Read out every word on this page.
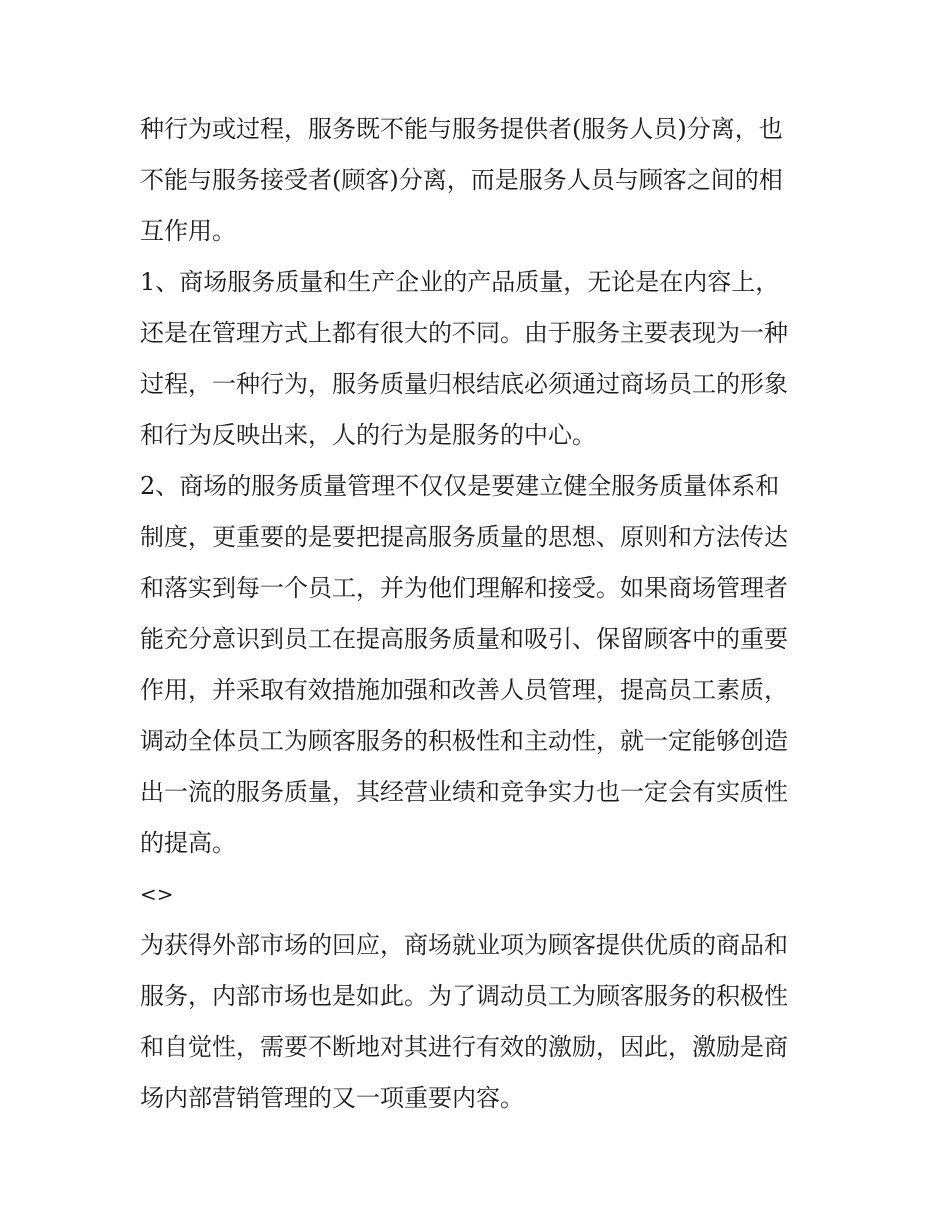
种行为或过程，服务既不能与服务提供者(服务人员)分离，也
不能与服务接受者(顾客)分离，而是服务人员与顾客之间的相
互作用。
1、商场服务质量和生产企业的产品质量，无论是在内容上，
还是在管理方式上都有很大的不同。由于服务主要表现为一种
过程，一种行为，服务质量归根结底必须通过商场员工的形象
和行为反映出来，人的行为是服务的中心。
2、商场的服务质量管理不仅仅是要建立健全服务质量体系和
制度，更重要的是要把提高服务质量的思想、原则和方法传达
和落实到每一个员工，并为他们理解和接受。如果商场管理者
能充分意识到员工在提高服务质量和吸引、保留顾客中的重要
作用，并采取有效措施加强和改善人员管理，提高员工素质，
调动全体员工为顾客服务的积极性和主动性，就一定能够创造
出一流的服务质量，其经营业绩和竞争实力也一定会有实质性
的提高。
<>
为获得外部市场的回应，商场就业项为顾客提供优质的商品和
服务，内部市场也是如此。为了调动员工为顾客服务的积极性
和自觉性，需要不断地对其进行有效的激励，因此，激励是商
场内部营销管理的又一项重要内容。
